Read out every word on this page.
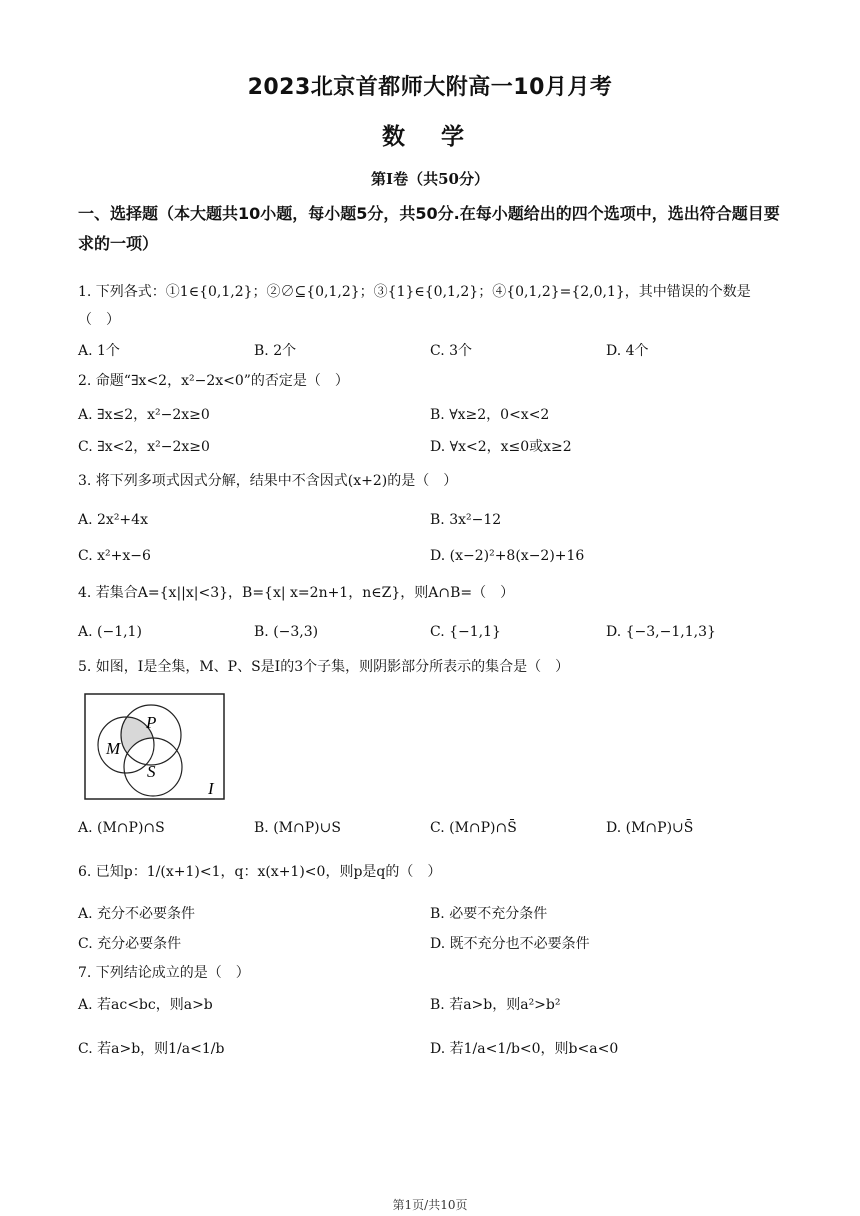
2023北京首都师大附高一10月月考
数 学
第Ⅰ卷（共50分）
一、选择题（本大题共10小题，每小题5分，共50分.在每小题给出的四个选项中，选出符合题目要求的一项）
1. 下列各式：①1∈{0,1,2}；②∅⊆{0,1,2}；③{1}∈{0,1,2}；④{0,1,2}={2,0,1}，其中错误的个数是
（　）
A. 1个	B. 2个	C. 3个	D. 4个
2. 命题“∃x<2，x²−2x<0”的否定是（　）
A. ∃x≤2，x²−2x≥0	B. ∀x≥2，0<x<2
C. ∃x<2，x²−2x≥0	D. ∀x<2，x≤0或x≥2
3. 将下列多项式因式分解，结果中不含因式(x+2)的是（　）
A. 2x²+4x	B. 3x²−12
C. x²+x−6	D. (x−2)²+8(x−2)+16
4. 若集合A={x||x|<3}，B={x| x=2n+1，n∈Z}，则A∩B=（　）
A. (−1,1)	B. (−3,3)	C. {−1,1}	D. {−3,−1,1,3}
5. 如图，I是全集，M、P、S是I的3个子集，则阴影部分所表示的集合是（　）
M
P
S
I
A. (M∩P)∩S	B. (M∩P)∪S	C. (M∩P)∩S̄	D. (M∩P)∪S̄
6. 已知p：1/(x+1)<1，q：x(x+1)<0，则p是q的（　）
A. 充分不必要条件	B. 必要不充分条件
C. 充分必要条件	D. 既不充分也不必要条件
7. 下列结论成立的是（　）
A. 若ac<bc，则a>b	B. 若a>b，则a²>b²
C. 若a>b，则1/a<1/b	D. 若1/a<1/b<0，则b<a<0
第1页/共10页
